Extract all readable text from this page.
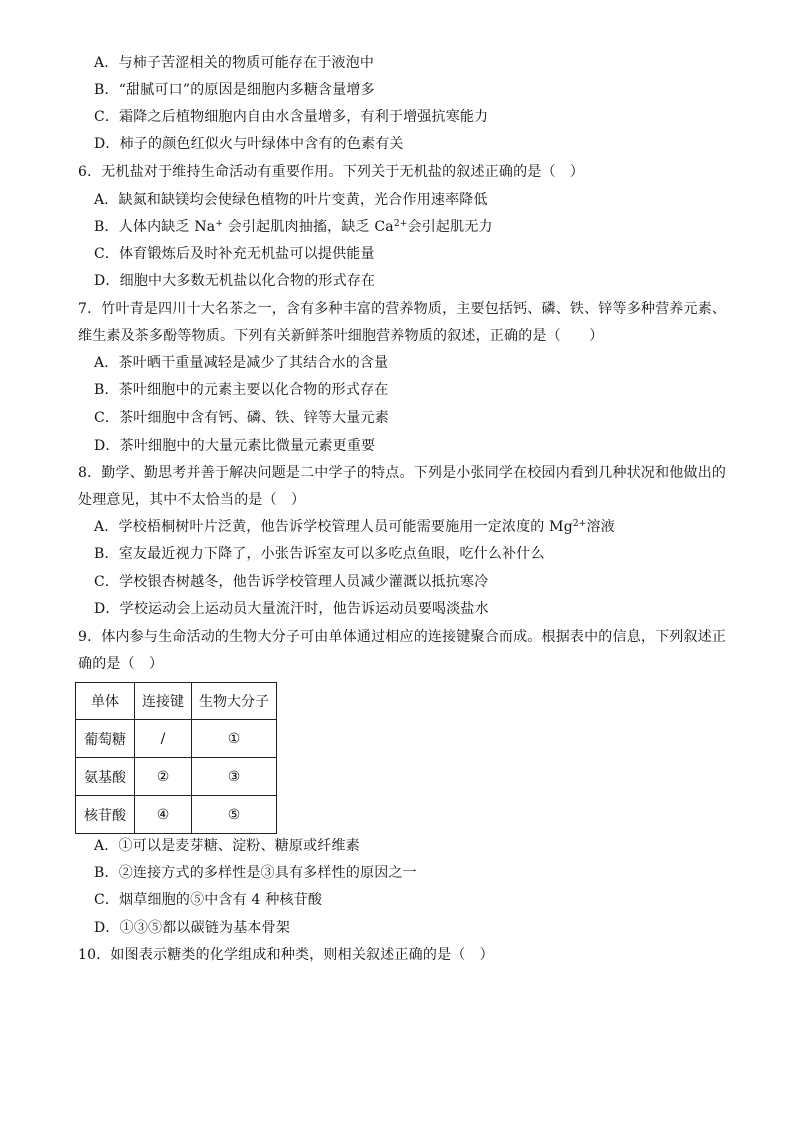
A．与柿子苦涩相关的物质可能存在于液泡中
B．“甜腻可口”的原因是细胞内多糖含量增多
C．霜降之后植物细胞内自由水含量增多，有利于增强抗寒能力
D．柿子的颜色红似火与叶绿体中含有的色素有关
6．无机盐对于维持生命活动有重要作用。下列关于无机盐的叙述正确的是（　）
A．缺氮和缺镁均会使绿色植物的叶片变黄，光合作用速率降低
B．人体内缺乏 Na+ 会引起肌肉抽搐，缺乏 $Ca^{2+}$会引起肌无力
C．体育锻炼后及时补充无机盐可以提供能量
D．细胞中大多数无机盐以化合物的形式存在
7．竹叶青是四川十大名茶之一，含有多种丰富的营养物质，主要包括钙、磷、铁、锌等多种营养元素、
维生素及茶多酚等物质。下列有关新鲜茶叶细胞营养物质的叙述，正确的是（　　）
A．茶叶晒干重量减轻是减少了其结合水的含量
B．茶叶细胞中的元素主要以化合物的形式存在
C．茶叶细胞中含有钙、磷、铁、锌等大量元素
D．茶叶细胞中的大量元素比微量元素更重要
8．勤学、勤思考并善于解决问题是二中学子的特点。下列是小张同学在校园内看到几种状况和他做出的
处理意见，其中不太恰当的是（　）
A．学校梧桐树叶片泛黄，他告诉学校管理人员可能需要施用一定浓度的 $Mg^{2+}$溶液
B．室友最近视力下降了，小张告诉室友可以多吃点鱼眼，吃什么补什么
C．学校银杏树越冬，他告诉学校管理人员减少灌溉以抵抗寒冷
D．学校运动会上运动员大量流汗时，他告诉运动员要喝淡盐水
9．体内参与生命活动的生物大分子可由单体通过相应的连接键聚合而成。根据表中的信息，下列叙述正
确的是（　）
单体	连接键	生物大分子
葡萄糖	/	①
氨基酸	②	③
核苷酸	④	⑤
A．①可以是麦芽糖、淀粉、糖原或纤维素
B．②连接方式的多样性是③具有多样性的原因之一
C．烟草细胞的⑤中含有 4 种核苷酸
D．①③⑤都以碳链为基本骨架
10．如图表示糖类的化学组成和种类，则相关叙述正确的是（　）
